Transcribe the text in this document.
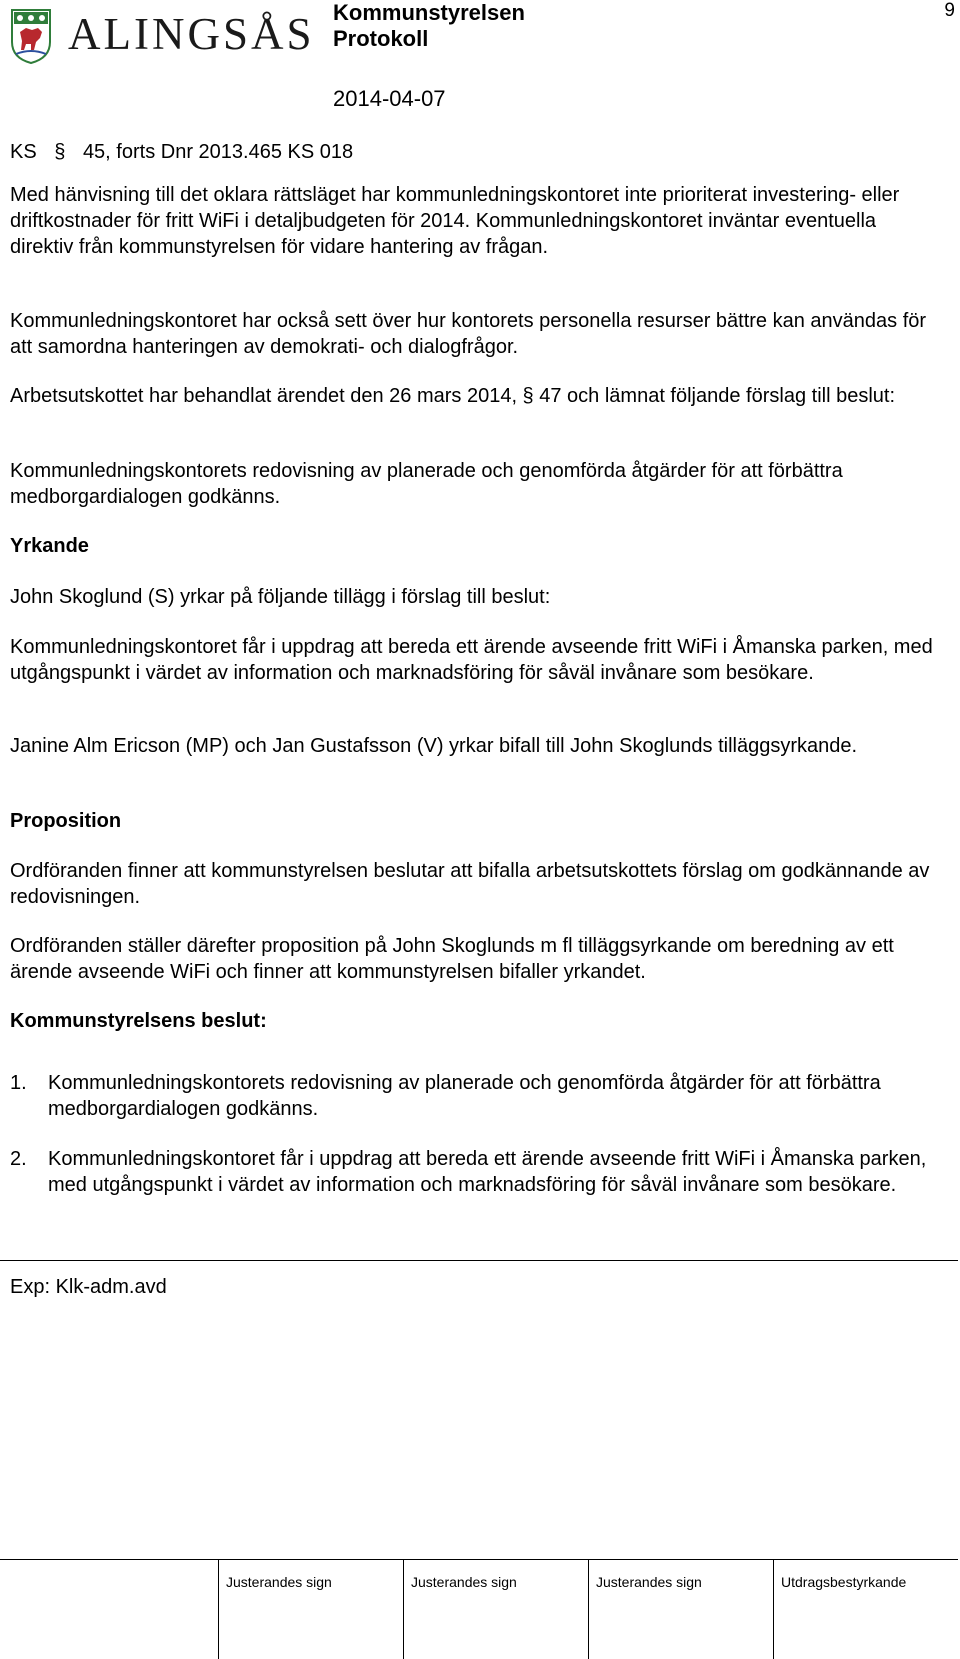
ALINGSÅS Kommunstyrelsen
Protokoll
2014-04-07
9
KS § 45, forts Dnr 2013.465 KS 018

Med hänvisning till det oklara rättsläget har kommunledningskontoret inte prioriterat investering- eller driftkostnader för fritt WiFi i detaljbudgeten för 2014. Kommunledningskontoret inväntar eventuella direktiv från kommunstyrelsen för vidare hantering av frågan.

Kommunledningskontoret har också sett över hur kontorets personella resurser bättre kan användas för att samordna hanteringen av demokrati- och dialogfrågor.

Arbetsutskottet har behandlat ärendet den 26 mars 2014, § 47 och lämnat följande förslag till beslut:

Kommunledningskontorets redovisning av planerade och genomförda åtgärder för att förbättra medborgardialogen godkänns.

Yrkande

John Skoglund (S) yrkar på följande tillägg i förslag till beslut:

Kommunledningskontoret får i uppdrag att bereda ett ärende avseende fritt WiFi i Åmanska parken, med utgångspunkt i värdet av information och marknadsföring för såväl invånare som besökare.

Janine Alm Ericson (MP) och Jan Gustafsson (V) yrkar bifall till John Skoglunds tilläggsyrkande.

Proposition

Ordföranden finner att kommunstyrelsen beslutar att bifalla arbetsutskottets förslag om godkännande av redovisningen.

Ordföranden ställer därefter proposition på John Skoglunds m fl tilläggsyrkande om beredning av ett ärende avseende WiFi och finner att kommunstyrelsen bifaller yrkandet.

Kommunstyrelsens beslut:

1.	Kommunledningskontorets redovisning av planerade och genomförda åtgärder för att förbättra medborgardialogen godkänns.
2.	Kommunledningskontoret får i uppdrag att bereda ett ärende avseende fritt WiFi i Åmanska parken, med utgångspunkt i värdet av information och marknadsföring för såväl invånare som besökare.
Exp: Klk-adm.avd
Justerandes sign	Justerandes sign	Justerandes sign	Utdragsbestyrkande
